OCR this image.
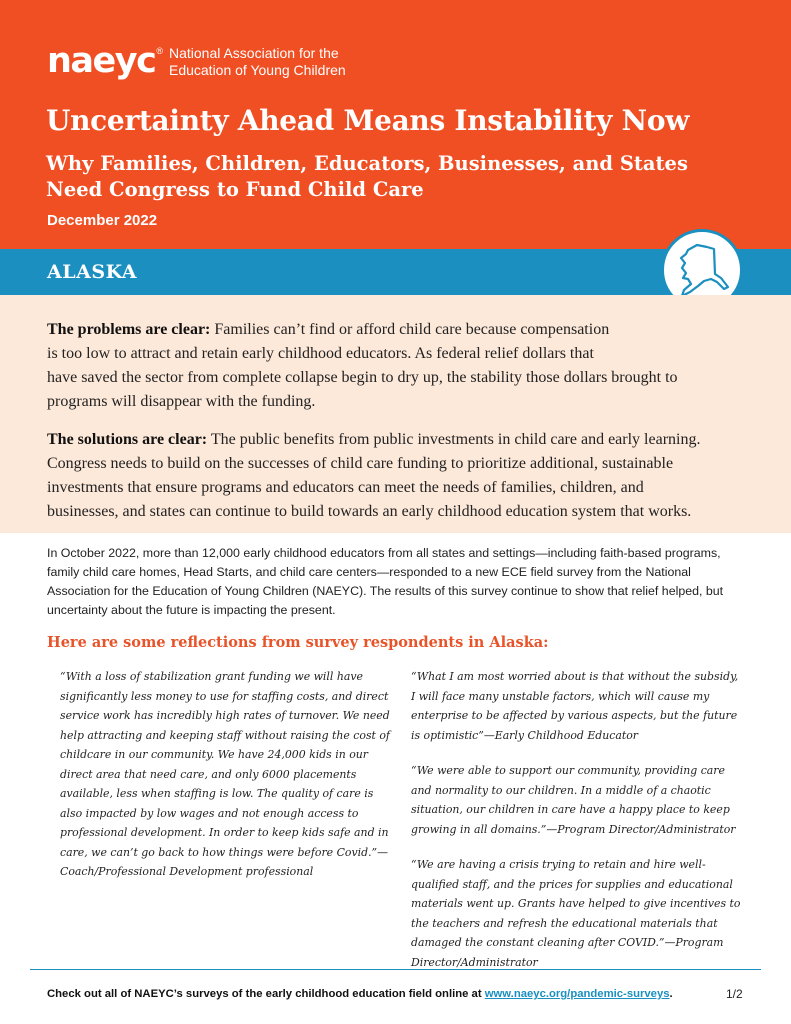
naeyc ® National Association for the
Education of Young Children
Uncertainty Ahead Means Instability Now
Why Families, Children, Educators, Businesses, and States Need Congress to Fund Child Care
December 2022
ALASKA

The problems are clear: Families can’t find or afford child care because compensation

is too low to attract and retain early childhood educators. As federal relief dollars that

have saved the sector from complete collapse begin to dry up, the stability those dollars brought to

programs will disappear with the funding.

The solutions are clear: The public benefits from public investments in child care and early learning.

Congress needs to build on the successes of child care funding to prioritize additional, sustainable

investments that ensure programs and educators can meet the needs of families, children, and

businesses, and states can continue to build towards an early childhood education system that works.

In October 2022, more than 12,000 early childhood educators from all states and settings—including faith-based programs, family child care homes, Head Starts, and child care centers—responded to a new ECE field survey from the National Association for the Education of Young Children (NAEYC). The results of this survey continue to show that relief helped, but uncertainty about the future is impacting the present.

Here are some reflections from survey respondents in Alaska:

“With a loss of stabilization grant funding we will have significantly less money to use for staffing costs, and direct service work has incredibly high rates of turnover. We need help attracting and keeping staff without raising the cost of childcare in our community. We have 24,000 kids in our direct area that need care, and only 6000 placements available, less when staffing is low. The quality of care is also impacted by low wages and not enough access to professional development. In order to keep kids safe and in care, we can’t go back to how things were before Covid.”—Coach/Professional Development professional

“What I am most worried about is that without the subsidy, I will face many unstable factors, which will cause my enterprise to be affected by various aspects, but the future is optimistic”—Early Childhood Educator

“We were able to support our community, providing care and normality to our children. In a middle of a chaotic situation, our children in care have a happy place to keep growing in all domains.”—Program Director/Administrator

“We are having a crisis trying to retain and hire well-qualified staff, and the prices for supplies and educational materials went up. Grants have helped to give incentives to the teachers and refresh the educational materials that damaged the constant cleaning after COVID.”—Program Director/Administrator

Check out all of NAEYC’s surveys of the early childhood education field online at www.naeyc.org/pandemic-surveys.	1/2
